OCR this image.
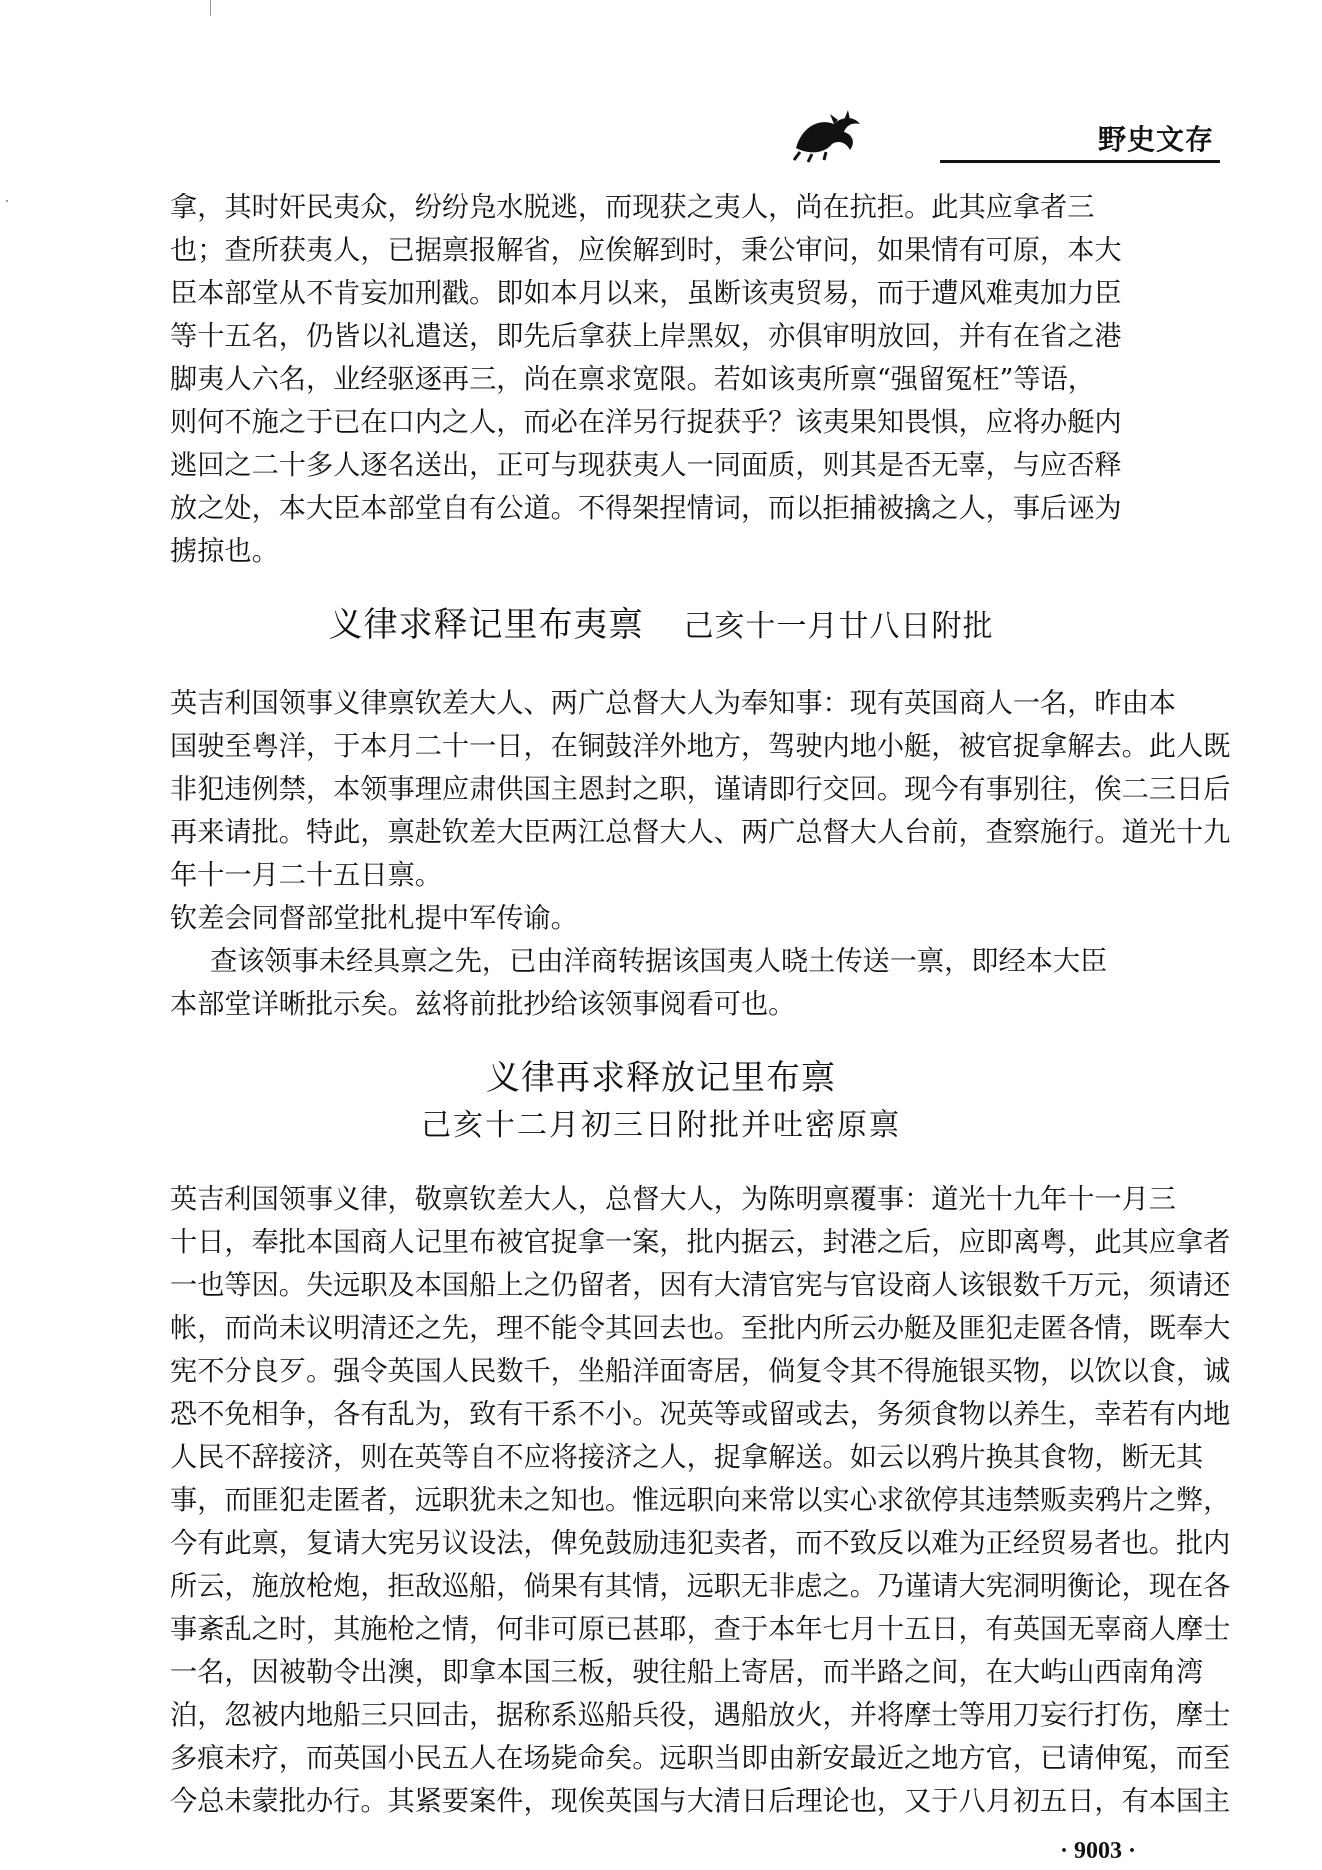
野史文存
拿，其时奸民夷众，纷纷凫水脱逃，而现获之夷人，尚在抗拒。此其应拿者三
也；查所获夷人，已据禀报解省，应俟解到时，秉公审问，如果情有可原，本大
臣本部堂从不肯妄加刑戳。即如本月以来，虽断该夷贸易，而于遭风难夷加力臣
等十五名，仍皆以礼遣送，即先后拿获上岸黑奴，亦俱审明放回，并有在省之港
脚夷人六名，业经驱逐再三，尚在禀求宽限。若如该夷所禀“强留冤枉”等语，
则何不施之于已在口内之人，而必在洋另行捉获乎？该夷果知畏惧，应将办艇内
逃回之二十多人逐名送出，正可与现获夷人一同面质，则其是否无辜，与应否释
放之处，本大臣本部堂自有公道。不得架捏情词，而以拒捕被擒之人，事后诬为
掳掠也。
义律求释记里布夷禀 己亥十一月廿八日附批
英吉利国领事义律禀钦差大人、两广总督大人为奉知事：现有英国商人一名，昨由本
国驶至粤洋，于本月二十一日，在铜鼓洋外地方，驾驶内地小艇，被官捉拿解去。此人既
非犯违例禁，本领事理应肃供国主恩封之职，谨请即行交回。现今有事别往，俟二三日后
再来请批。特此，禀赴钦差大臣两江总督大人、两广总督大人台前，查察施行。道光十九
年十一月二十五日禀。
钦差会同督部堂批札提中军传谕。
查该领事未经具禀之先，已由洋商转据该国夷人晓土传送一禀，即经本大臣
本部堂详晰批示矣。兹将前批抄给该领事阅看可也。
义律再求释放记里布禀
己亥十二月初三日附批并吐密原禀
英吉利国领事义律，敬禀钦差大人，总督大人，为陈明禀覆事：道光十九年十一月三
十日，奉批本国商人记里布被官捉拿一案，批内据云，封港之后，应即离粤，此其应拿者
一也等因。失远职及本国船上之仍留者，因有大清官宪与官设商人该银数千万元，须请还
帐，而尚未议明清还之先，理不能令其回去也。至批内所云办艇及匪犯走匿各情，既奉大
宪不分良歹。强令英国人民数千，坐船洋面寄居，倘复令其不得施银买物，以饮以食，诚
恐不免相争，各有乱为，致有干系不小。况英等或留或去，务须食物以养生，幸若有内地
人民不辞接济，则在英等自不应将接济之人，捉拿解送。如云以鸦片换其食物，断无其
事，而匪犯走匿者，远职犹未之知也。惟远职向来常以实心求欲停其违禁贩卖鸦片之弊，
今有此禀，复请大宪另议设法，俾免鼓励违犯卖者，而不致反以难为正经贸易者也。批内
所云，施放枪炮，拒敌巡船，倘果有其情，远职无非虑之。乃谨请大宪洞明衡论，现在各
事紊乱之时，其施枪之情，何非可原已甚耶，查于本年七月十五日，有英国无辜商人摩士
一名，因被勒令出澳，即拿本国三板，驶往船上寄居，而半路之间，在大屿山西南角湾
泊，忽被内地船三只回击，据称系巡船兵役，遇船放火，并将摩士等用刀妄行打伤，摩士
多痕未疗，而英国小民五人在场毙命矣。远职当即由新安最近之地方官，已请伸冤，而至
今总未蒙批办行。其紧要案件，现俟英国与大清日后理论也，又于八月初五日，有本国主
· 9003 ·
